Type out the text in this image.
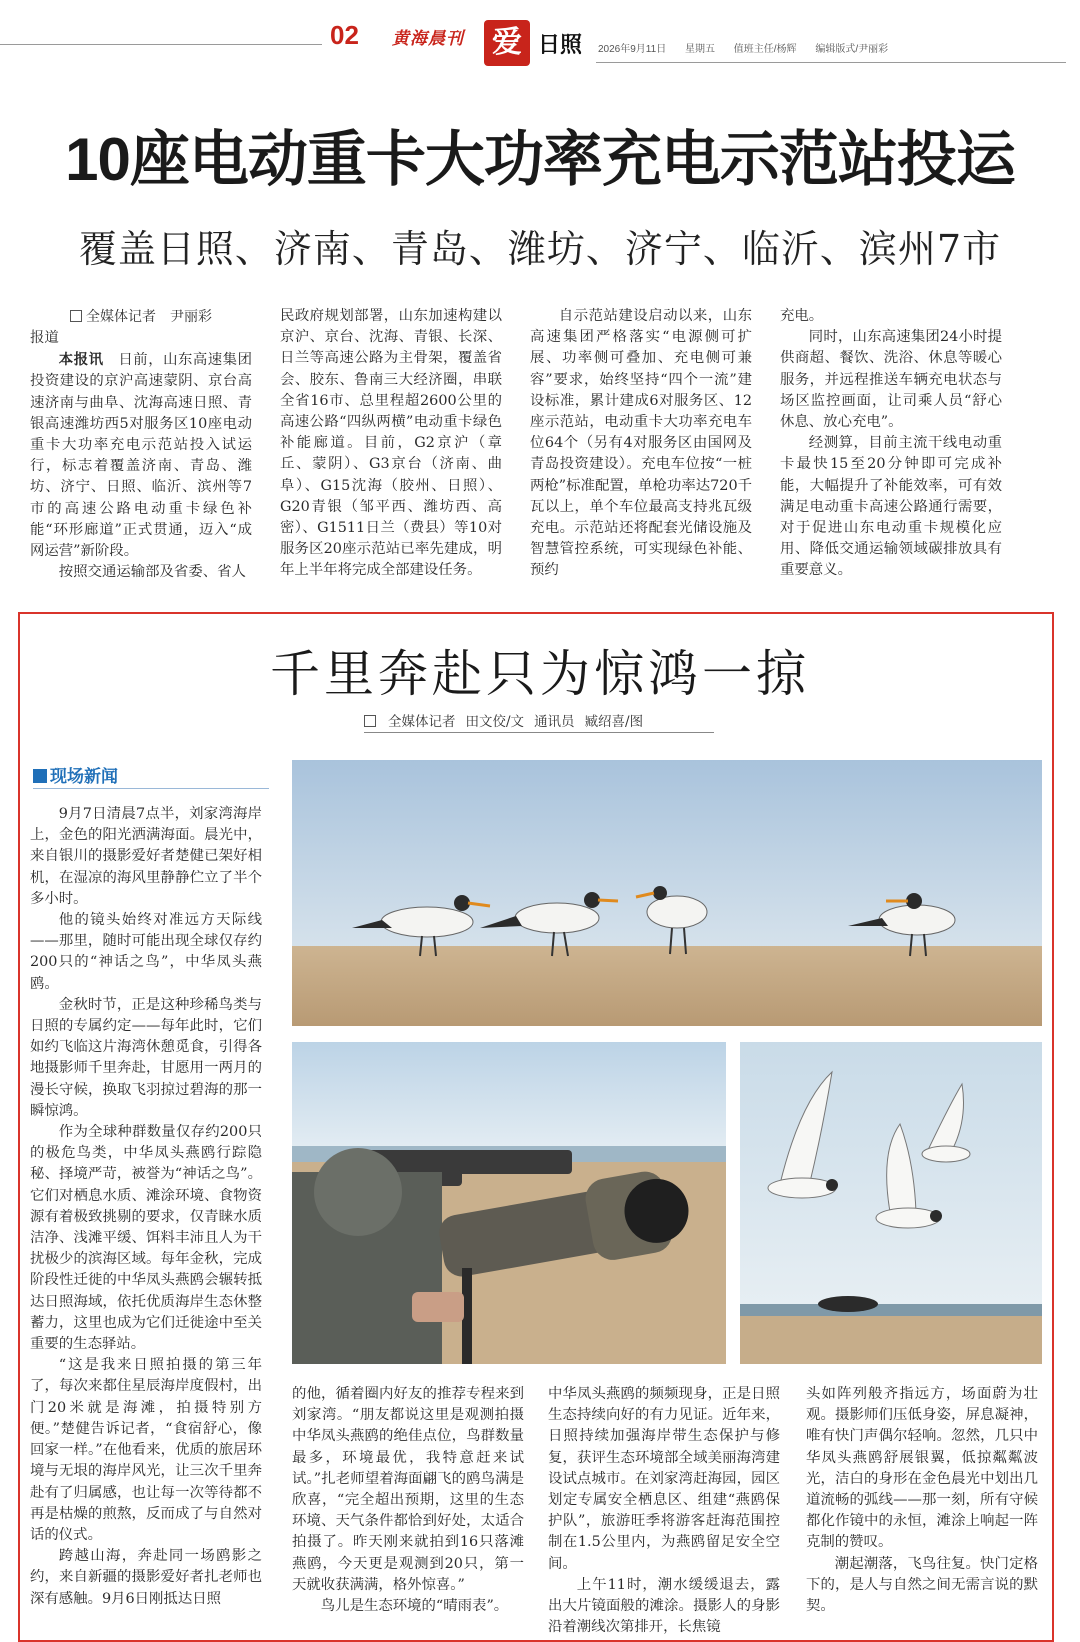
02 黄海晨刊 爱 日照 2026年9月11日 星期五 值班主任/杨辉 编辑版式/尹丽彩
10座电动重卡大功率充电示范站投运
覆盖日照、济南、青岛、潍坊、济宁、临沂、滨州7市
全媒体记者　尹丽彩

报道

本报讯　 日前，山东高速集团投资建设的京沪高速蒙阴、京台高速济南与曲阜、沈海高速日照、青银高速潍坊西5对服务区10座电动重卡大功率充电示范站投入试运行，标志着覆盖济南、青岛、潍坊、济宁、日照、临沂、滨州等7市的高速公路电动重卡绿色补能“环形廊道”正式贯通，迈入“成网运营”新阶段。

按照交通运输部及省委、省人

民政府规划部署，山东加速构建以京沪、京台、沈海、青银、长深、日兰等高速公路为主骨架，覆盖省会、胶东、鲁南三大经济圈，串联全省16市、总里程超2600公里的高速公路“四纵两横”电动重卡绿色补能廊道。目前，G2京沪（章丘、蒙阴）、G3京台（济南、曲阜）、G15沈海（胶州、日照）、G20青银（邹平西、潍坊西、高密）、G1511日兰（费县）等10对服务区20座示范站已率先建成，明年上半年将完成全部建设任务。

自示范站建设启动以来，山东高速集团严格落实“电源侧可扩展、功率侧可叠加、充电侧可兼容”要求，始终坚持“四个一流”建设标准，累计建成6对服务区、12座示范站，电动重卡大功率充电车位64个（另有4对服务区由国网及青岛投资建设）。充电车位按“一桩两枪”标准配置，单枪功率达720千瓦以上，单个车位最高支持兆瓦级充电。示范站还将配套光储设施及智慧管控系统，可实现绿色补能、预约

充电。

同时，山东高速集团24小时提供商超、餐饮、洗浴、休息等暖心服务，并远程推送车辆充电状态与场区监控画面，让司乘人员“舒心休息、放心充电”。

经测算，目前主流干线电动重卡最快15至20分钟即可完成补能，大幅提升了补能效率，可有效满足电动重卡高速公路通行需要，对于促进山东电动重卡规模化应用、降低交通运输领域碳排放具有重要意义。

千里奔赴只为惊鸿一掠
全媒体记者 田文佼/文 通讯员 臧绍喜/图
现场新闻

9月7日清晨7点半，刘家湾海岸上，金色的阳光洒满海面。晨光中，来自银川的摄影爱好者楚健已架好相机，在湿凉的海风里静静伫立了半个多小时。

他的镜头始终对准远方天际线——那里，随时可能出现全球仅存约200只的“神话之鸟”，中华凤头燕鸥。

金秋时节，正是这种珍稀鸟类与日照的专属约定——每年此时，它们如约飞临这片海湾休憩觅食，引得各地摄影师千里奔赴，甘愿用一两月的漫长守候，换取飞羽掠过碧海的那一瞬惊鸿。

作为全球种群数量仅存约200只的极危鸟类，中华凤头燕鸥行踪隐秘、择境严苛，被誉为“神话之鸟”。它们对栖息水质、滩涂环境、食物资源有着极致挑剔的要求，仅青睐水质洁净、浅滩平缓、饵料丰沛且人为干扰极少的滨海区域。每年金秋，完成阶段性迁徙的中华凤头燕鸥会辗转抵达日照海域，依托优质海岸生态休整蓄力，这里也成为它们迁徙途中至关重要的生态驿站。

“这是我来日照拍摄的第三年了，每次来都住星辰海岸度假村，出门20米就是海滩，拍摄特别方便。”楚健告诉记者，“食宿舒心，像回家一样。”在他看来，优质的旅居环境与无垠的海岸风光，让三次千里奔赴有了归属感，也让每一次等待都不再是枯燥的煎熬，反而成了与自然对话的仪式。

跨越山海，奔赴同一场鸥影之约，来自新疆的摄影爱好者扎老师也深有感触。9月6日刚抵达日照

的他，循着圈内好友的推荐专程来到刘家湾。“朋友都说这里是观测拍摄中华凤头燕鸥的绝佳点位，鸟群数量最多，环境最优，我特意赶来试试。”扎老师望着海面翩飞的鸥鸟满是欣喜，“完全超出预期，这里的生态环境、天气条件都恰到好处，太适合拍摄了。昨天刚来就拍到16只落滩燕鸥，今天更是观测到20只，第一天就收获满满，格外惊喜。”

鸟儿是生态环境的“晴雨表”。

中华凤头燕鸥的频频现身，正是日照生态持续向好的有力见证。近年来，日照持续加强海岸带生态保护与修复，获评生态环境部全域美丽海湾建设试点城市。在刘家湾赶海园，园区划定专属安全栖息区、组建“燕鸥保护队”，旅游旺季将游客赶海范围控制在1.5公里内，为燕鸥留足安全空间。

上午11时，潮水缓缓退去，露出大片镜面般的滩涂。摄影人的身影沿着潮线次第排开，长焦镜

头如阵列般齐指远方，场面蔚为壮观。摄影师们压低身姿，屏息凝神，唯有快门声偶尔轻响。忽然，几只中华凤头燕鸥舒展银翼，低掠粼粼波光，洁白的身形在金色晨光中划出几道流畅的弧线——那一刻，所有守候都化作镜中的永恒，滩涂上响起一阵克制的赞叹。

潮起潮落，飞鸟往复。快门定格下的，是人与自然之间无需言说的默契。
